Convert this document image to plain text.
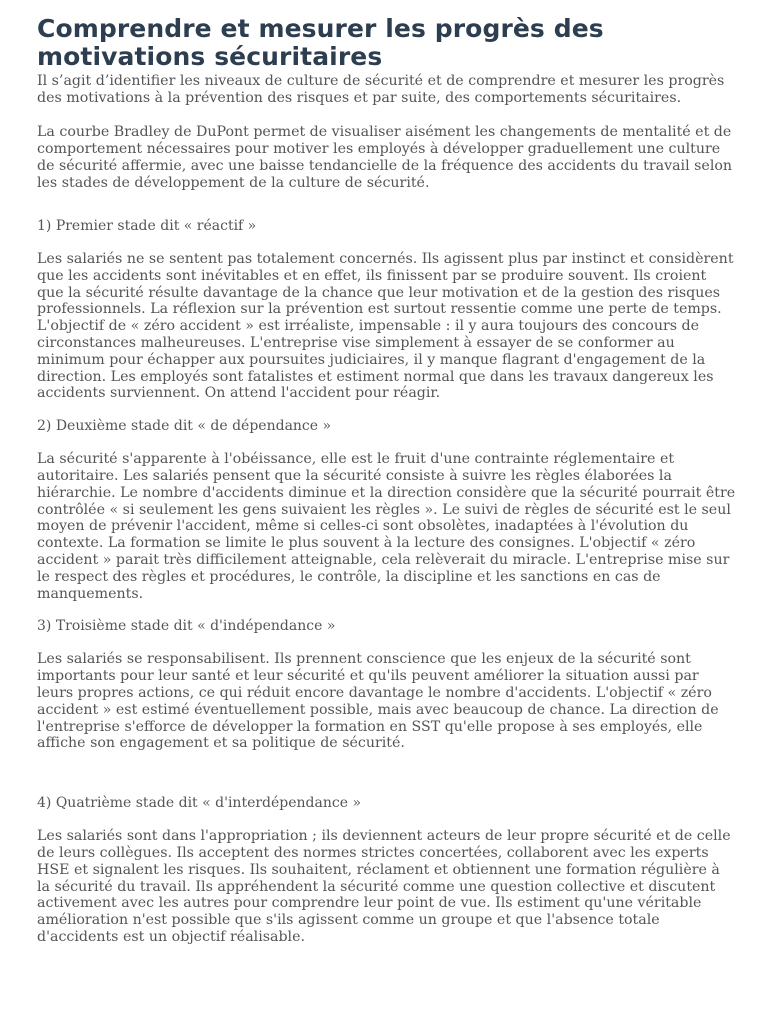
Comprendre et mesurer les progrès des motivations sécuritaires

Il s’agit d’identifier les niveaux de culture de sécurité et de comprendre et mesurer les progrès des motivations à la prévention des risques et par suite, des comportements sécuritaires.

La courbe Bradley de DuPont permet de visualiser aisément les changements de mentalité et de comportement nécessaires pour motiver les employés à développer graduellement une culture de sécurité affermie, avec une baisse tendancielle de la fréquence des accidents du travail selon les stades de développement de la culture de sécurité.

1) Premier stade dit « réactif »

Les salariés ne se sentent pas totalement concernés. Ils agissent plus par instinct et considèrent que les accidents sont inévitables et en effet, ils finissent par se produire souvent. Ils croient que la sécurité résulte davantage de la chance que leur motivation et de la gestion des risques professionnels. La réflexion sur la prévention est surtout ressentie comme une perte de temps. L'objectif de « zéro accident » est irréaliste, impensable : il y aura toujours des concours de circonstances malheureuses. L'entreprise vise simplement à essayer de se conformer au minimum pour échapper aux poursuites judiciaires, il y manque flagrant d'engagement de la direction. Les employés sont fatalistes et estiment normal que dans les travaux dangereux les accidents surviennent. On attend l'accident pour réagir.

2) Deuxième stade dit « de dépendance »

La sécurité s'apparente à l'obéissance, elle est le fruit d'une contrainte réglementaire et autoritaire. Les salariés pensent que la sécurité consiste à suivre les règles élaborées la hiérarchie. Le nombre d'accidents diminue et la direction considère que la sécurité pourrait être contrôlée « si seulement les gens suivaient les règles ». Le suivi de règles de sécurité est le seul moyen de prévenir l'accident, même si celles-ci sont obsolètes, inadaptées à l'évolution du contexte. La formation se limite le plus souvent à la lecture des consignes. L'objectif « zéro accident » parait très difficilement atteignable, cela relèverait du miracle. L'entreprise mise sur le respect des règles et procédures, le contrôle, la discipline et les sanctions en cas de manquements.

3) Troisième stade dit « d'indépendance »

Les salariés se responsabilisent. Ils prennent conscience que les enjeux de la sécurité sont importants pour leur santé et leur sécurité et qu'ils peuvent améliorer la situation aussi par leurs propres actions, ce qui réduit encore davantage le nombre d'accidents. L'objectif « zéro accident » est estimé éventuellement possible, mais avec beaucoup de chance. La direction de l'entreprise s'efforce de développer la formation en SST qu'elle propose à ses employés, elle affiche son engagement et sa politique de sécurité.

4) Quatrième stade dit « d'interdépendance »

Les salariés sont dans l'appropriation ; ils deviennent acteurs de leur propre sécurité et de celle de leurs collègues. Ils acceptent des normes strictes concertées, collaborent avec les experts HSE et signalent les risques. Ils souhaitent, réclament et obtiennent une formation régulière à la sécurité du travail. Ils appréhendent la sécurité comme une question collective et discutent activement avec les autres pour comprendre leur point de vue. Ils estiment qu'une véritable amélioration n'est possible que s'ils agissent comme un groupe et que l'absence totale d'accidents est un objectif réalisable.
